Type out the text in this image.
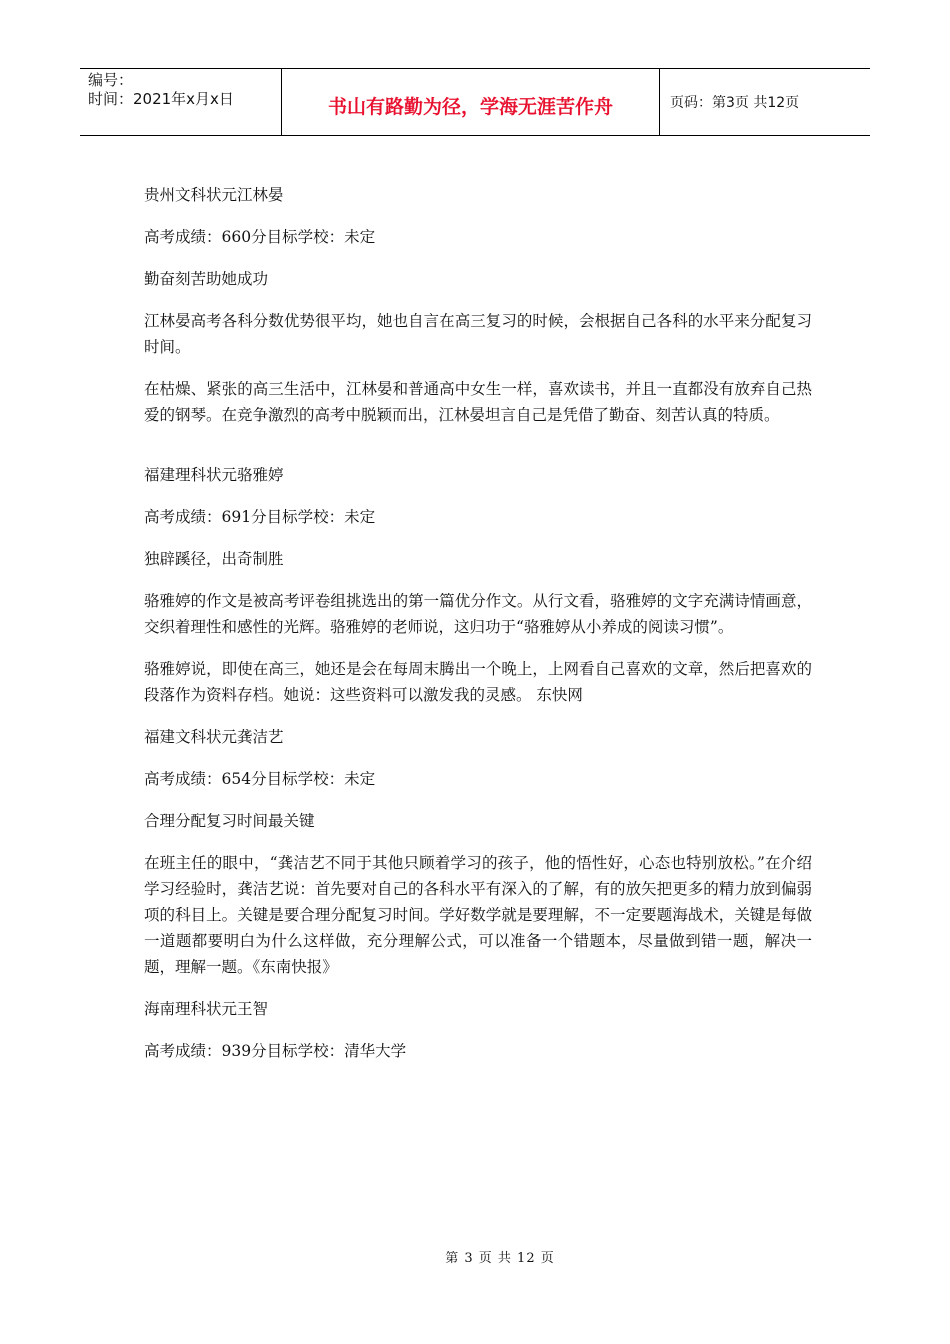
编号：
时间：2021年x月x日	书山有路勤为径，学海无涯苦作舟	页码：第3页 共12页

贵州文科状元江林晏

高考成绩：660分目标学校：未定

勤奋刻苦助她成功

江林晏高考各科分数优势很平均，她也自言在高三复习的时候，会根据自己各科的水平来分配复习时间。

在枯燥、紧张的高三生活中，江林晏和普通高中女生一样，喜欢读书，并且一直都没有放弃自己热爱的钢琴。在竞争激烈的高考中脱颖而出，江林晏坦言自己是凭借了勤奋、刻苦认真的特质。

福建理科状元骆雅婷

高考成绩：691分目标学校：未定

独辟蹊径，出奇制胜

骆雅婷的作文是被高考评卷组挑选出的第一篇优分作文。从行文看，骆雅婷的文字充满诗情画意，交织着理性和感性的光辉。骆雅婷的老师说，这归功于“骆雅婷从小养成的阅读习惯”。

骆雅婷说，即使在高三，她还是会在每周末腾出一个晚上，上网看自己喜欢的文章，然后把喜欢的段落作为资料存档。她说：这些资料可以激发我的灵感。 东快网

福建文科状元龚洁艺

高考成绩：654分目标学校：未定

合理分配复习时间最关键

在班主任的眼中，“龚洁艺不同于其他只顾着学习的孩子，他的悟性好，心态也特别放松。”在介绍学习经验时，龚洁艺说：首先要对自己的各科水平有深入的了解，有的放矢把更多的精力放到偏弱项的科目上。关键是要合理分配复习时间。学好数学就是要理解，不一定要题海战术，关键是每做一道题都要明白为什么这样做，充分理解公式，可以准备一个错题本，尽量做到错一题，解决一题，理解一题。《东南快报》

海南理科状元王智

高考成绩：939分目标学校：清华大学

第 3 页 共 12 页
